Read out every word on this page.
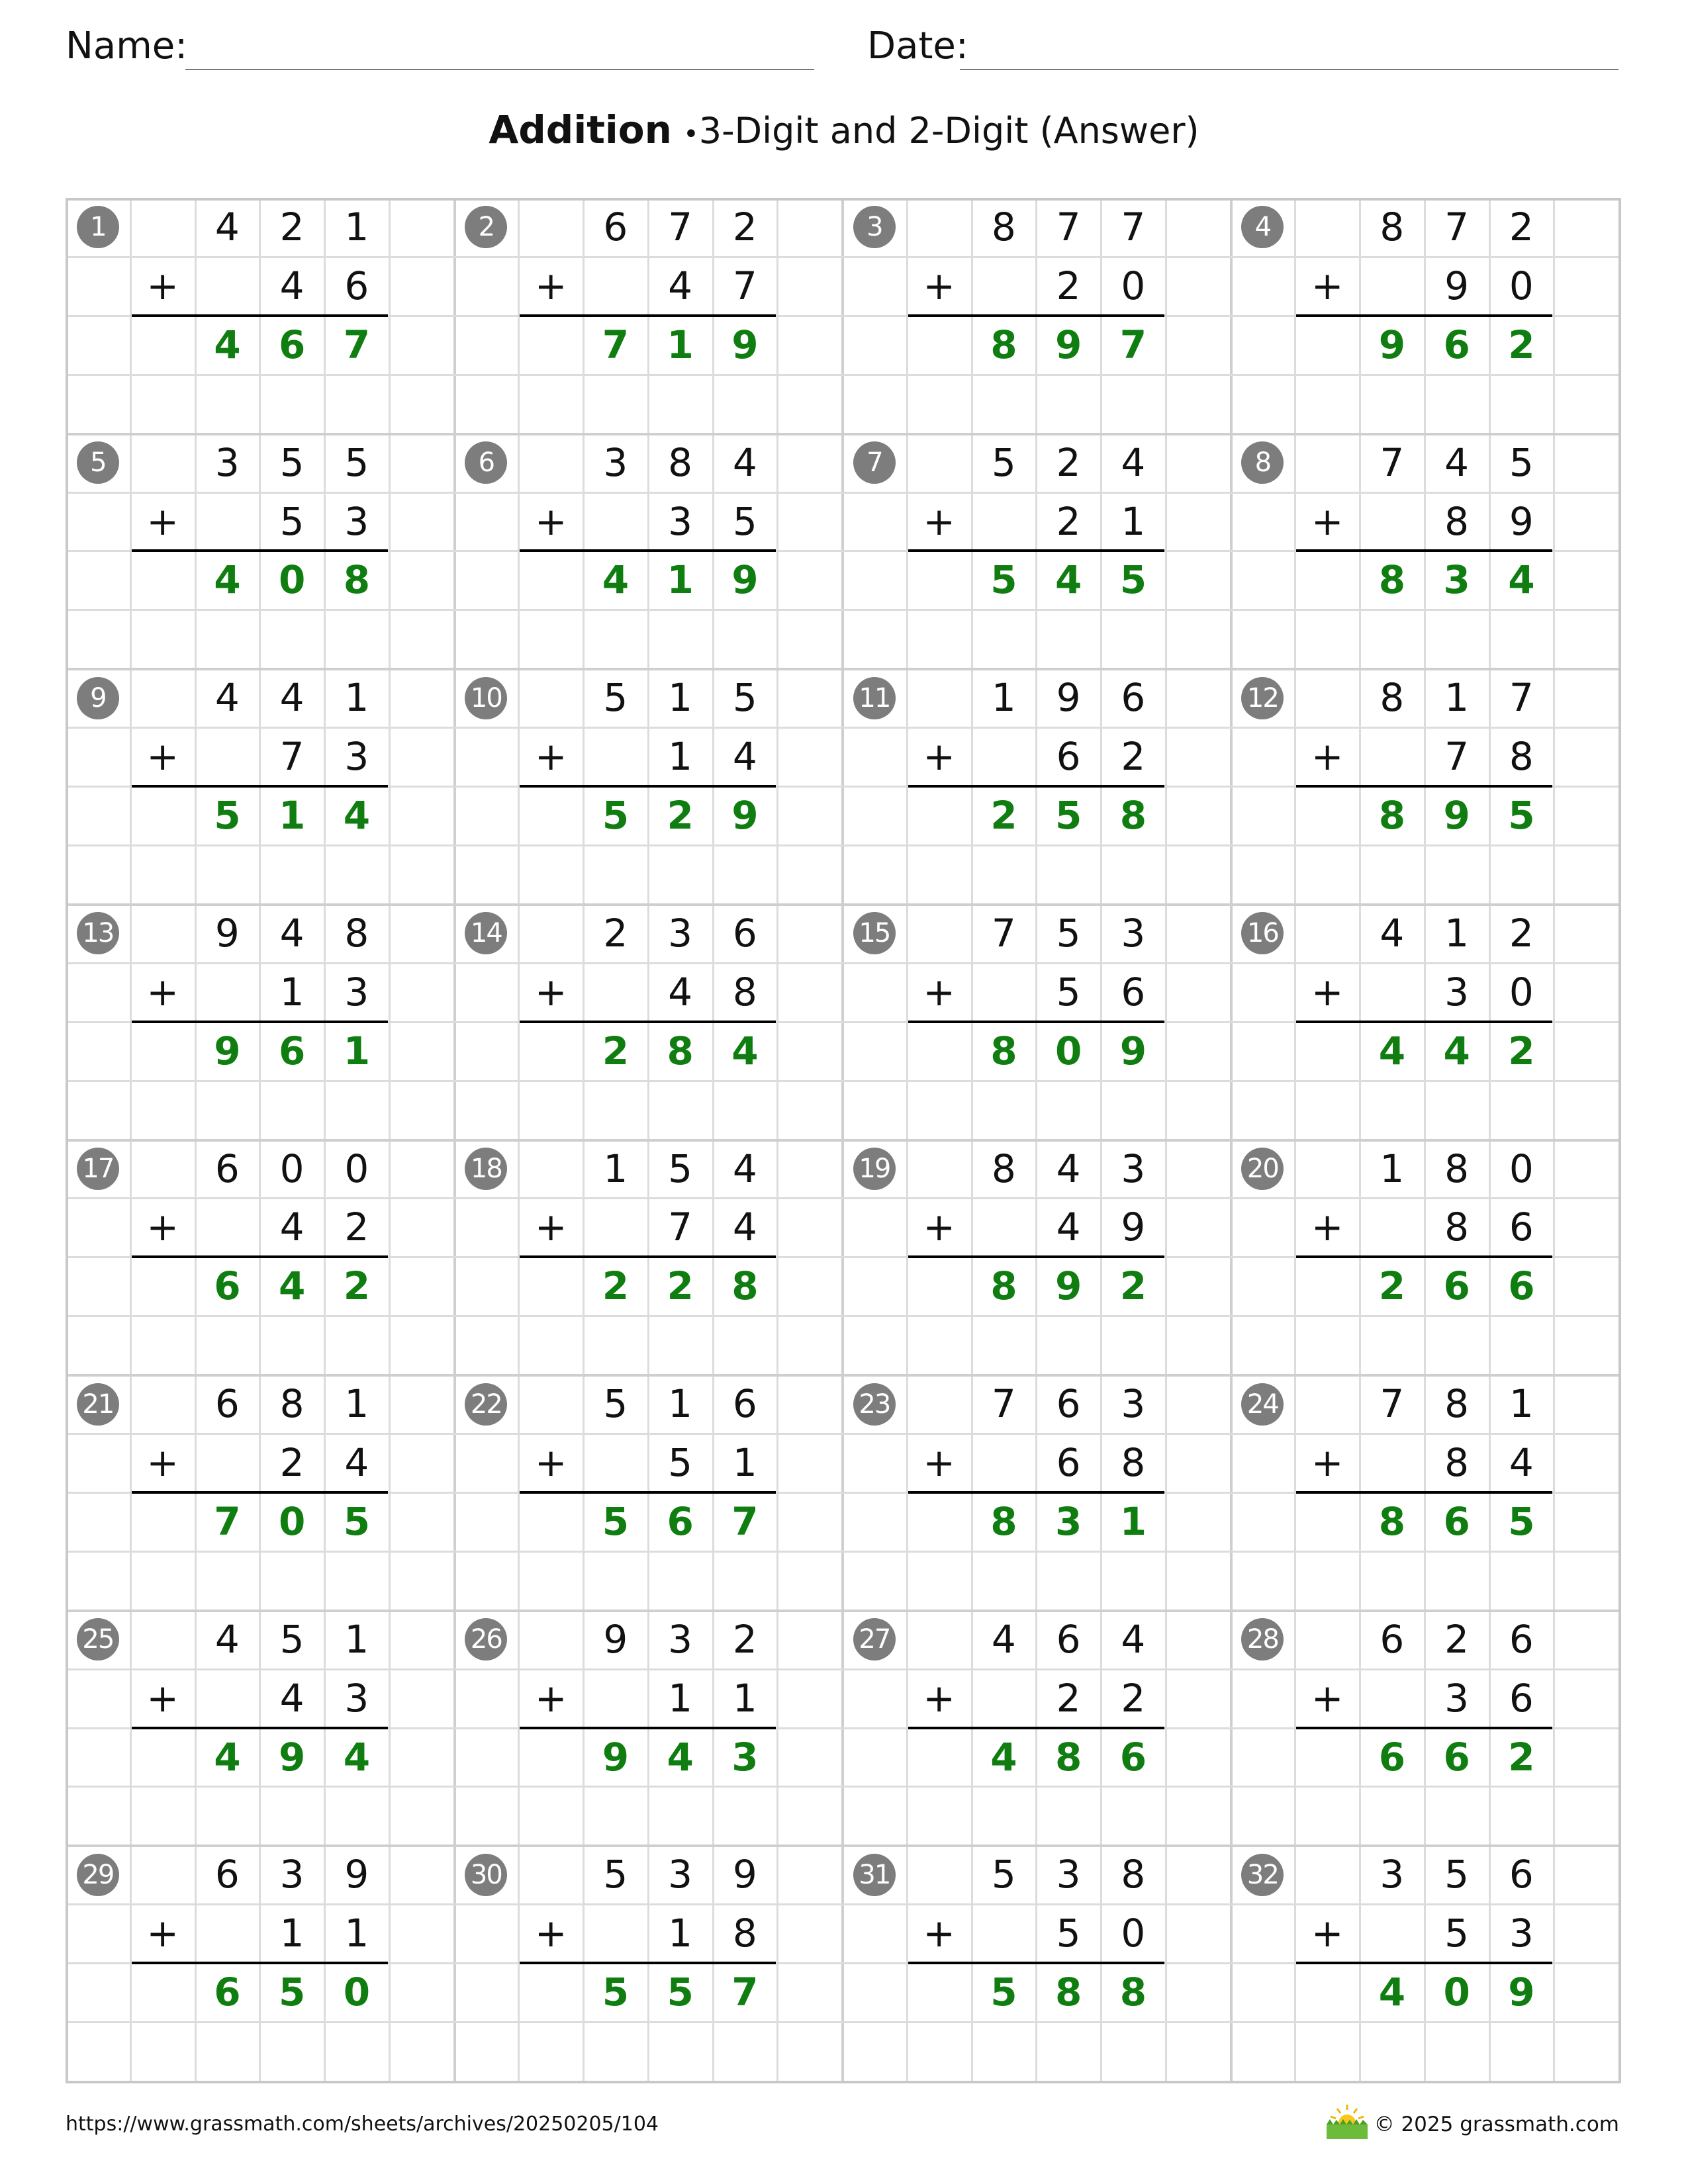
Name:	Date:
Addition •3-Digit and 2-Digit (Answer)
1	4	2	1
+	4	6
4 6 7
2	6	7	2
+	4	7
7 1 9
3	8	7	7
+	2	0
8 9 7
4	8	7	2
+	9	0
9 6 2
5	3	5	5
+	5	3
4 0 8
6	3	8	4
+	3	5
4 1 9
7	5	2	4
+	2	1
5 4 5
8	7	4	5
+	8	9
8 3 4
9	4	4	1
+	7	3
5 1 4
10	5	1	5
+	1	4
5 2 9
11	1	9	6
+	6	2
2 5 8
12	8	1	7
+	7	8
8 9 5
13	9	4	8
+	1	3
9 6 1
14	2	3	6
+	4	8
2 8 4
15	7	5	3
+	5	6
8 0 9
16	4	1	2
+	3	0
4 4 2
17	6	0	0
+	4	2
6 4 2
18	1	5	4
+	7	4
2 2 8
19	8	4	3
+	4	9
8 9 2
20	1	8	0
+	8	6
2 6 6
21	6	8	1
+	2	4
7 0 5
22	5	1	6
+	5	1
5 6 7
23	7	6	3
+	6	8
8 3 1
24	7	8	1
+	8	4
8 6 5
25	4	5	1
+	4	3
4 9 4
26	9	3	2
+	1	1
9 4 3
27	4	6	4
+	2	2
4 8 6
28	6	2	6
+	3	6
6 6 2
29	6	3	9
+	1	1
6 5 0
30	5	3	9
+	1	8
5 5 7
31	5	3	8
+	5	0
5 8 8
32	3	5	6
+	5	3
4 0 9
https://www.grassmath.com/sheets/archives/20250205/104	© 2025 grassmath.com
